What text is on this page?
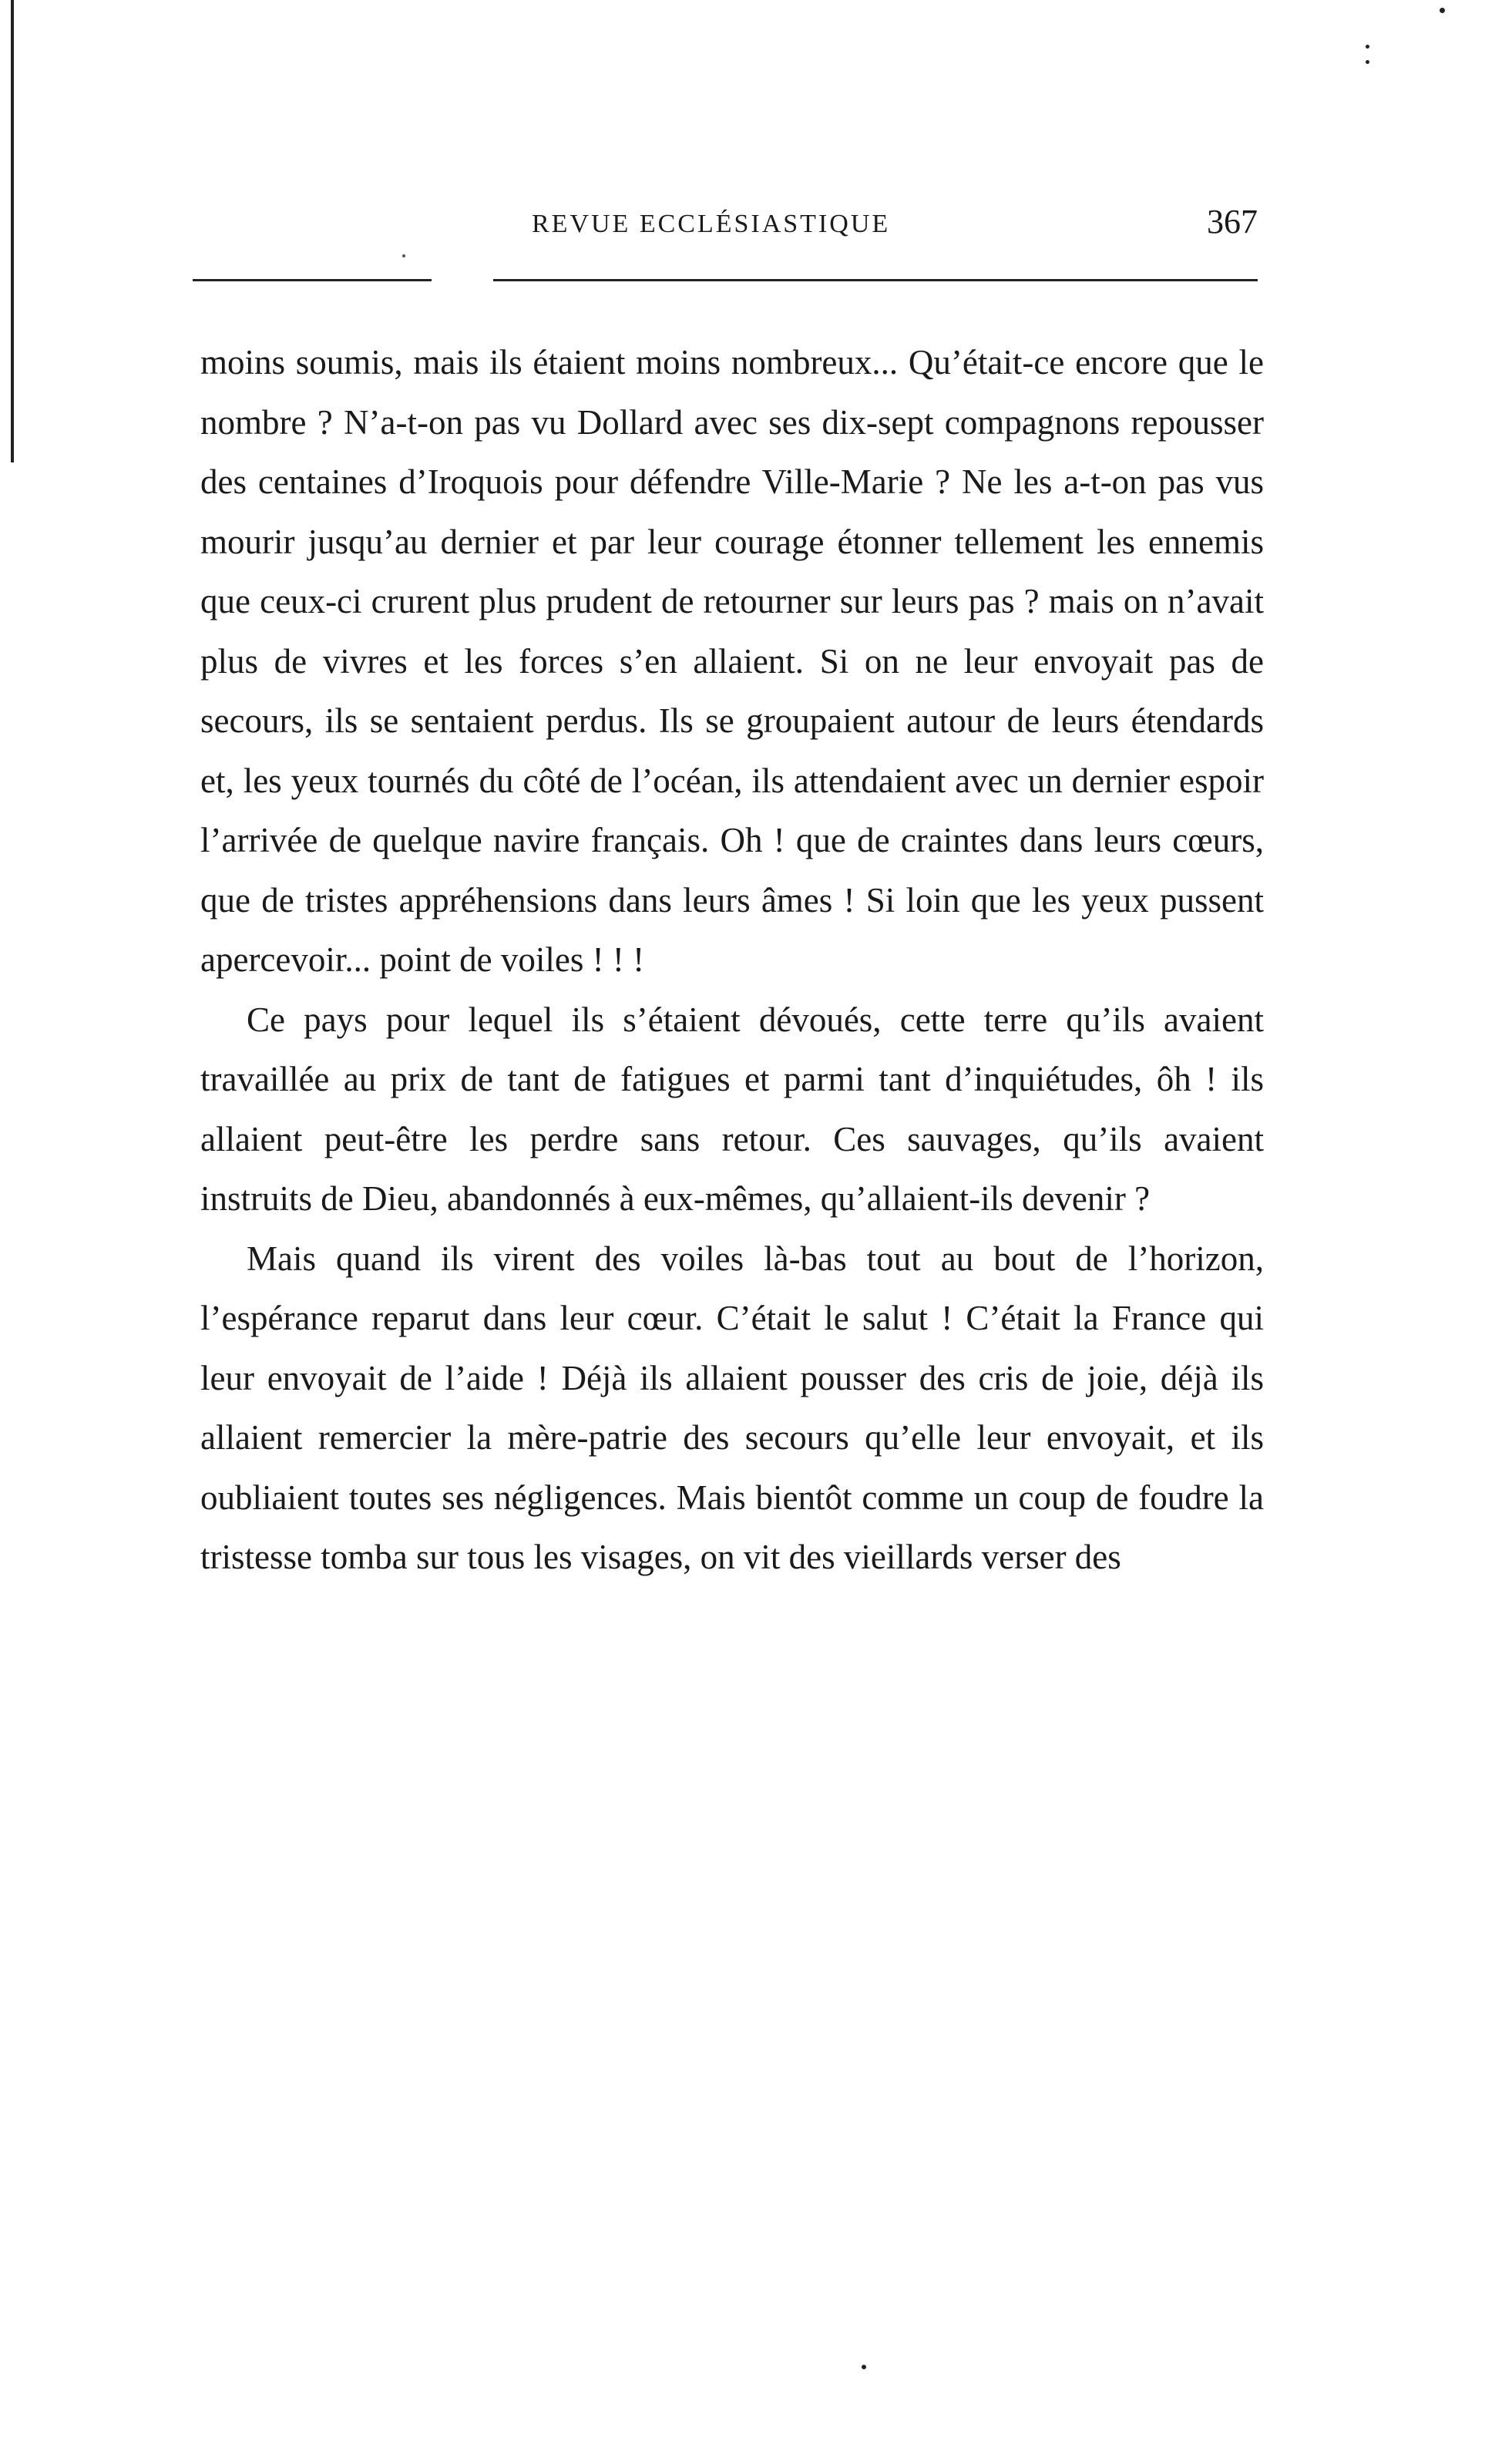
REVUE ECCLÉSIASTIQUE	367

moins soumis, mais ils étaient moins nombreux... Qu’était-ce encore que le nombre ? N’a-t-on pas vu Dollard avec ses dix-sept compagnons repousser des centaines d’Iroquois pour défendre Ville-Marie ? Ne les a-t-on pas vus mourir jusqu’au dernier et par leur courage étonner tellement les ennemis que ceux-ci crurent plus prudent de retourner sur leurs pas ? mais on n’avait plus de vivres et les forces s’en allaient. Si on ne leur envoyait pas de secours, ils se sentaient perdus. Ils se groupaient autour de leurs étendards et, les yeux tournés du côté de l’océan, ils attendaient avec un dernier espoir l’arrivée de quelque navire français. Oh ! que de craintes dans leurs cœurs, que de tristes appréhensions dans leurs âmes ! Si loin que les yeux pussent apercevoir... point de voiles ! ! !

Ce pays pour lequel ils s’étaient dévoués, cette terre qu’ils avaient travaillée au prix de tant de fatigues et parmi tant d’inquiétudes, ôh ! ils allaient peut-être les perdre sans retour. Ces sauvages, qu’ils avaient instruits de Dieu, abandonnés à eux-mêmes, qu’allaient-ils devenir ?

Mais quand ils virent des voiles là-bas tout au bout de l’horizon, l’espérance reparut dans leur cœur. C’était le salut ! C’était la France qui leur envoyait de l’aide ! Déjà ils allaient pousser des cris de joie, déjà ils allaient remercier la mère-patrie des secours qu’elle leur envoyait, et ils oubliaient toutes ses négligences. Mais bientôt comme un coup de foudre la tristesse tomba sur tous les visages, on vit des vieillards verser des
